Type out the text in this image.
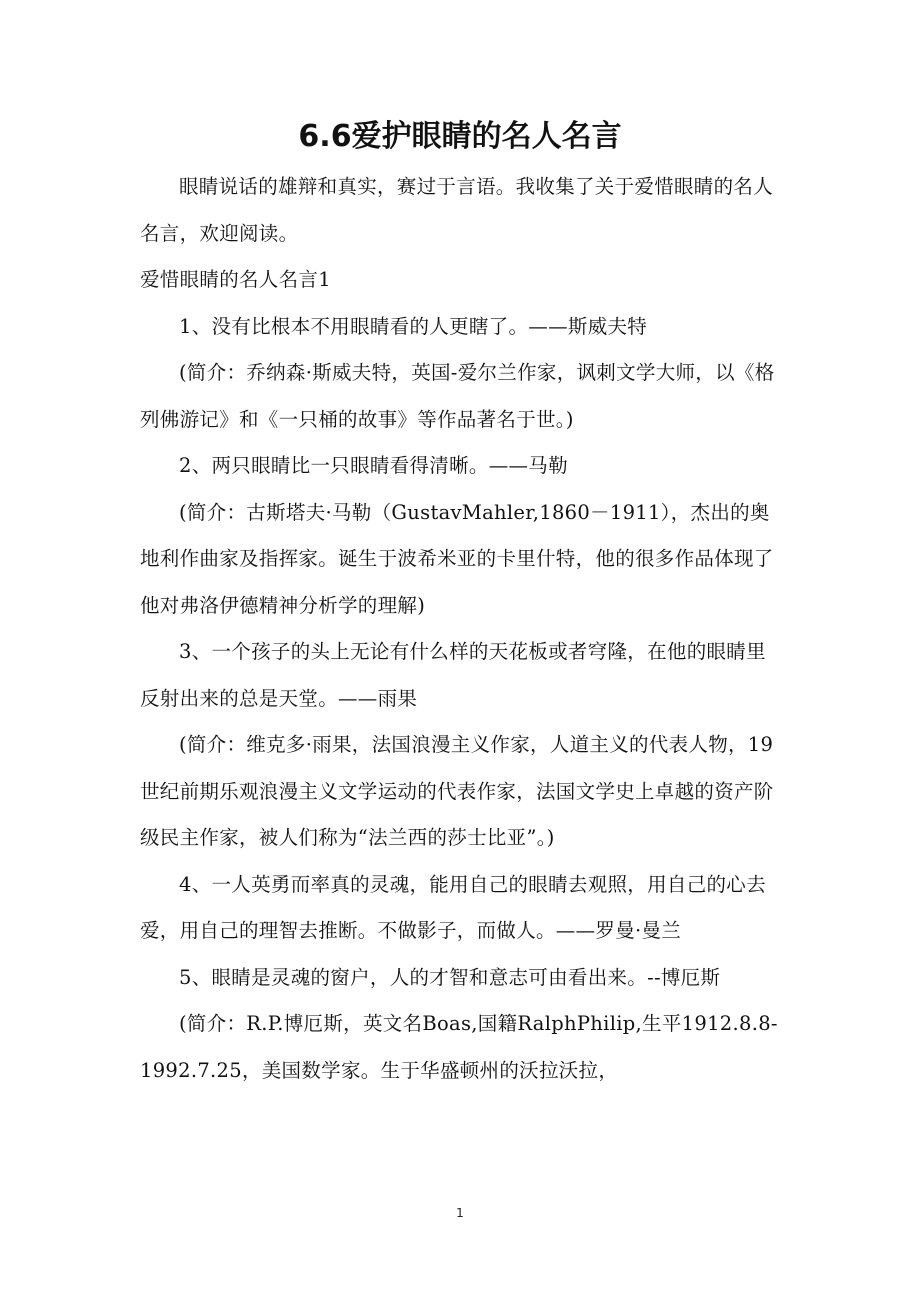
6.6爱护眼睛的名人名言

眼睛说话的雄辩和真实，赛过于言语。我收集了关于爱惜眼睛的名人名言，欢迎阅读。

爱惜眼睛的名人名言1

1、没有比根本不用眼睛看的人更瞎了。——斯威夫特

(简介：乔纳森·斯威夫特，英国-爱尔兰作家，讽刺文学大师，以《格列佛游记》和《一只桶的故事》等作品著名于世。)

2、两只眼睛比一只眼睛看得清晰。——马勒

(简介：古斯塔夫·马勒（GustavMahler,1860－1911），杰出的奥地利作曲家及指挥家。诞生于波希米亚的卡里什特，他的很多作品体现了他对弗洛伊德精神分析学的理解)

3、一个孩子的头上无论有什么样的天花板或者穹隆，在他的眼睛里反射出来的总是天堂。——雨果

(简介：维克多·雨果，法国浪漫主义作家，人道主义的代表人物，19世纪前期乐观浪漫主义文学运动的代表作家，法国文学史上卓越的资产阶级民主作家，被人们称为“法兰西的莎士比亚”。)

4、一人英勇而率真的灵魂，能用自己的眼睛去观照，用自己的心去爱，用自己的理智去推断。不做影子，而做人。——罗曼·曼兰

5、眼睛是灵魂的窗户，人的才智和意志可由看出来。--博厄斯

(简介：R.P.博厄斯，英文名Boas,国籍RalphPhilip,生平1912.8.8-1992.7.25，美国数学家。生于华盛顿州的沃拉沃拉，

1
